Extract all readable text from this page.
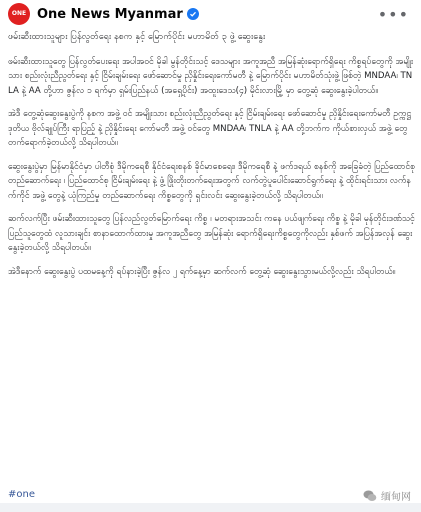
ONE One News Myanmar	•••

ဖမ်းဆီးထားသူများ ပြန်လွတ်ရေး နစက နှင့် မြောက်ပိုင်း မဟာမိတ် ၃ ဖွဲ့ ဆွေးနွေး

ဖမ်းဆီးထားသူတွေ ပြန်လွတ်ပေးရေး အပါအဝင် မိုခါ မွန်တိုင်းသင့် ဒေသများ အကူအညီ အမြန်ဆုံးရောက်ရှိရေး ကိစ္စရပ်တွေကို အမျိုးသား စည်းလုံးညီညွတ်ရေး နှင့် ငြိမ်းချမ်းရေး ဖော်ဆောင်မှု ညှိနှိုင်းရေးကော်မတီ နဲ့ မြောက်ပိုင်း မဟာမိတ်သုံးဖွဲ့ ဖြစ်တဲ့ MNDAA၊ TNLA နဲ့ AA တို့ဟာ ဇွန်လ ၁ ရက်မှာ ရှမ်းပြည်နယ် (အရှေ့ပိုင်း) အထူးဒေသ(၄) မိုင်းလားမြို့ မှာ တွေ့ဆုံ ဆွေးနွေးခဲ့ပါတယ်။

အဲဒီ တွေ့ဆုံဆွေးနွေးပွဲကို နစက အဖွဲ့ ဝင် အမျိုးသား စည်းလုံးညီညွတ်ရေး နှင့် ငြိမ်းချမ်းရေး ဖော်ဆောင်မှု ညှိနှိုင်းရေးကော်မတီ ဥက္ကဋ္ဌ ဒုတိယ ဗိုလ်ချုပ်ကြီး ရာပြည့် နဲ့ ညှိနှိုင်းရေး ကော်မတီ အဖွဲ့ ဝင်တွေ MNDAA၊ TNLA နဲ့ AA တို့ဘက်က ကိုယ်စားလှယ် အဖွဲ့ တွေ တက်ရောက်ခဲ့တယ်လို့ သိရပါတယ်။

ဆွေးနွေးပွဲမှာ မြန်မာနိုင်ငံမှာ ပါတီစုံ ဒီမိုကရေစီ နိုင်ငံရေးစနစ် ခိုင်မာစေရေး၊ ဒီမိုကရေစီ နဲ့ ဖက်ဒရယ် စနစ်ကို အခြေခံတဲ့ ပြည်ထောင်စု တည်ဆောက်ရေး ၊ ပြည်ထောင်စု ငြိမ်းချမ်းရေး နဲ့ ဖွံ့ ဖြိုးတိုးတက်ရေးအတွက် လက်တွဲပူပေါင်းဆောင်ရွက်ရေး နဲ့ ထိုင်းရင်းသား လက်နက်ကိုင် အဖွဲ့ တွေနဲ့ ယုံကြည်မှု တည်ဆောက်ရေး ကိစ္စတွေကို ရှင်းလင်း ဆွေးနွေးခဲ့တယ်လို့ သိရပါတယ်။

ဆက်လက်ပြီး ဖမ်းဆီးထားသူတွေ ပြန်လည်လွတ်မြောက်ရေး ကိစ္စ ၊ မတရားအသင်း ကနေ ပယ်ဖျက်ရေး ကိစ္စ နဲ့ မိုခါ မုန်တိုင်းဒဏ်သင့် ပြည်သူတွေထံ လူသားချင်း စာနာထောက်ထားမှု အကူအညီတွေ အမြန်ဆုံး ရောက်ရှိရေးကိစ္စတွေကိုလည်း နှစ်ဖက် အပြန်အလှန် ဆွေးနွေးခဲ့တယ်လို့ သိရပါတယ်။

အဲဒီနောက် ဆွေးနွေးပွဲ ပထမနေ့ကို ရပ်နားခဲ့ပြီး ဇွန်လ ၂ ရက်နေ့မှာ ဆက်လက် တွေ့ဆုံ ဆွေးနွေးသွားမယ်လို့လည်း သိရပါတယ်။

#one	缅甸网
